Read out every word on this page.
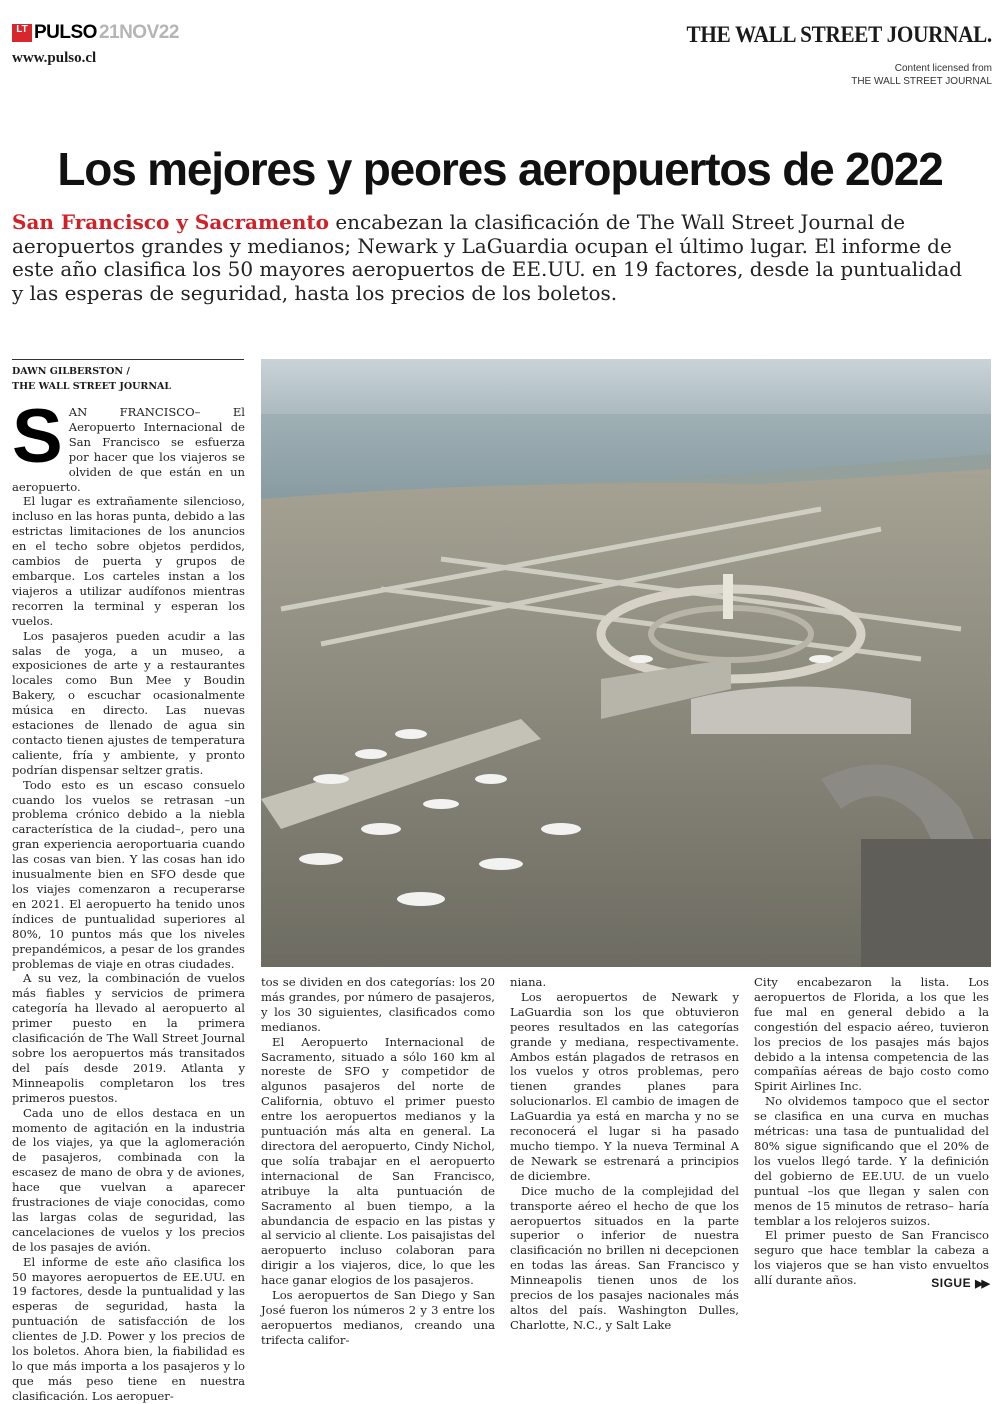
LT PULSO 21NOV22
www.pulso.cl
THE WALL STREET JOURNAL.
Content licensed from
THE WALL STREET JOURNAL
Los mejores y peores aeropuertos de 2022

San Francisco y Sacramento encabezan la clasificación de The Wall Street Journal de aeropuertos grandes y medianos; Newark y LaGuardia ocupan el último lugar. El informe de este año clasifica los 50 mayores aeropuertos de EE.UU. en 19 factores, desde la puntualidad y las esperas de seguridad, hasta los precios de los boletos.

DAWN GILBERSTON /
THE WALL STREET JOURNAL

SAN FRANCISCO– El Aeropuerto Internacional de San Francisco se esfuerza por hacer que los viajeros se olviden de que están en un aeropuerto.

El lugar es extrañamente silencioso, incluso en las horas punta, debido a las estrictas limitaciones de los anuncios en el techo sobre objetos perdidos, cambios de puerta y grupos de embarque. Los carteles instan a los viajeros a utilizar audífonos mientras recorren la terminal y esperan los vuelos.

Los pasajeros pueden acudir a las salas de yoga, a un museo, a exposiciones de arte y a restaurantes locales como Bun Mee y Boudin Bakery, o escuchar ocasionalmente música en directo. Las nuevas estaciones de llenado de agua sin contacto tienen ajustes de temperatura caliente, fría y ambiente, y pronto podrían dispensar seltzer gratis.

Todo esto es un escaso consuelo cuando los vuelos se retrasan –un problema crónico debido a la niebla característica de la ciudad–, pero una gran experiencia aeroportuaria cuando las cosas van bien. Y las cosas han ido inusualmente bien en SFO desde que los viajes comenzaron a recuperarse en 2021. El aeropuerto ha tenido unos índices de puntualidad superiores al 80%, 10 puntos más que los niveles prepandémicos, a pesar de los grandes problemas de viaje en otras ciudades.

A su vez, la combinación de vuelos más fiables y servicios de primera categoría ha llevado al aeropuerto al primer puesto en la primera clasificación de The Wall Street Journal sobre los aeropuertos más transitados del país desde 2019. Atlanta y Minneapolis completaron los tres primeros puestos.

Cada uno de ellos destaca en un momento de agitación en la industria de los viajes, ya que la aglomeración de pasajeros, combinada con la escasez de mano de obra y de aviones, hace que vuelvan a aparecer frustraciones de viaje conocidas, como las largas colas de seguridad, las cancelaciones de vuelos y los precios de los pasajes de avión.

El informe de este año clasifica los 50 mayores aeropuertos de EE.UU. en 19 factores, desde la puntualidad y las esperas de seguridad, hasta la puntuación de satisfacción de los clientes de J.D. Power y los precios de los boletos. Ahora bien, la fiabilidad es lo que más importa a los pasajeros y lo que más peso tiene en nuestra clasificación. Los aeropuer-

tos se dividen en dos categorías: los 20 más grandes, por número de pasajeros, y los 30 siguientes, clasificados como medianos.

El Aeropuerto Internacional de Sacramento, situado a sólo 160 km al noreste de SFO y competidor de algunos pasajeros del norte de California, obtuvo el primer puesto entre los aeropuertos medianos y la puntuación más alta en general. La directora del aeropuerto, Cindy Nichol, que solía trabajar en el aeropuerto internacional de San Francisco, atribuye la alta puntuación de Sacramento al buen tiempo, a la abundancia de espacio en las pistas y al servicio al cliente. Los paisajistas del aeropuerto incluso colaboran para dirigir a los viajeros, dice, lo que les hace ganar elogios de los pasajeros.

Los aeropuertos de San Diego y San José fueron los números 2 y 3 entre los aeropuertos medianos, creando una trifecta califor-

niana.

Los aeropuertos de Newark y LaGuardia son los que obtuvieron peores resultados en las categorías grande y mediana, respectivamente. Ambos están plagados de retrasos en los vuelos y otros problemas, pero tienen grandes planes para solucionarlos. El cambio de imagen de LaGuardia ya está en marcha y no se reconocerá el lugar si ha pasado mucho tiempo. Y la nueva Terminal A de Newark se estrenará a principios de diciembre.

Dice mucho de la complejidad del transporte aéreo el hecho de que los aeropuertos situados en la parte superior o inferior de nuestra clasificación no brillen ni decepcionen en todas las áreas. San Francisco y Minneapolis tienen unos de los precios de los pasajes nacionales más altos del país. Washington Dulles, Charlotte, N.C., y Salt Lake

City encabezaron la lista. Los aeropuertos de Florida, a los que les fue mal en general debido a la congestión del espacio aéreo, tuvieron los precios de los pasajes más bajos debido a la intensa competencia de las compañías aéreas de bajo costo como Spirit Airlines Inc.

No olvidemos tampoco que el sector se clasifica en una curva en muchas métricas: una tasa de puntualidad del 80% sigue significando que el 20% de los vuelos llegó tarde. Y la definición del gobierno de EE.UU. de un vuelo puntual –los que llegan y salen con menos de 15 minutos de retraso– haría temblar a los relojeros suizos.

El primer puesto de San Francisco seguro que hace temblar la cabeza a los viajeros que se han visto envueltos allí durante años.	SIGUE ▶▶
